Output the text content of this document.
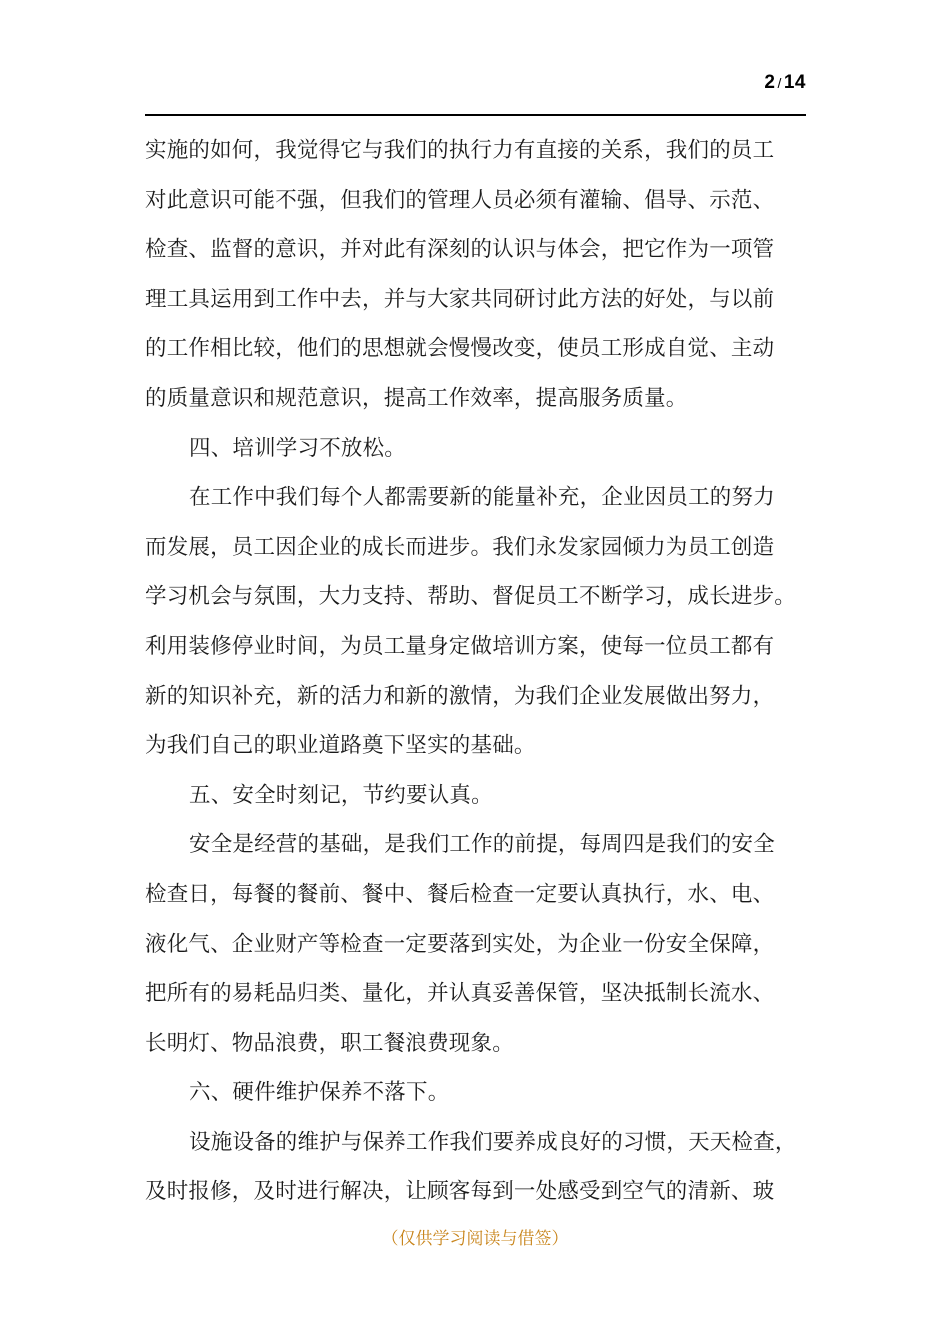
2 / 14
实施的如何，我觉得它与我们的执行力有直接的关系，我们的员工
对此意识可能不强，但我们的管理人员必须有灌输、倡导、示范、
检查、监督的意识，并对此有深刻的认识与体会，把它作为一项管
理工具运用到工作中去，并与大家共同研讨此方法的好处，与以前
的工作相比较，他们的思想就会慢慢改变，使员工形成自觉、主动
的质量意识和规范意识，提高工作效率，提高服务质量。
四、培训学习不放松。
在工作中我们每个人都需要新的能量补充，企业因员工的努力
而发展，员工因企业的成长而进步。我们永发家园倾力为员工创造
学习机会与氛围，大力支持、帮助、督促员工不断学习，成长进步。
利用装修停业时间，为员工量身定做培训方案，使每一位员工都有
新的知识补充，新的活力和新的激情，为我们企业发展做出努力，
为我们自己的职业道路奠下坚实的基础。
五、安全时刻记，节约要认真。
安全是经营的基础，是我们工作的前提，每周四是我们的安全
检查日，每餐的餐前、餐中、餐后检查一定要认真执行，水、电、
液化气、企业财产等检查一定要落到实处，为企业一份安全保障，
把所有的易耗品归类、量化，并认真妥善保管，坚决抵制长流水、
长明灯、物品浪费，职工餐浪费现象。
六、硬件维护保养不落下。
设施设备的维护与保养工作我们要养成良好的习惯，天天检查，
及时报修，及时进行解决，让顾客每到一处感受到空气的清新、玻
（仅供学习阅读与借签）
